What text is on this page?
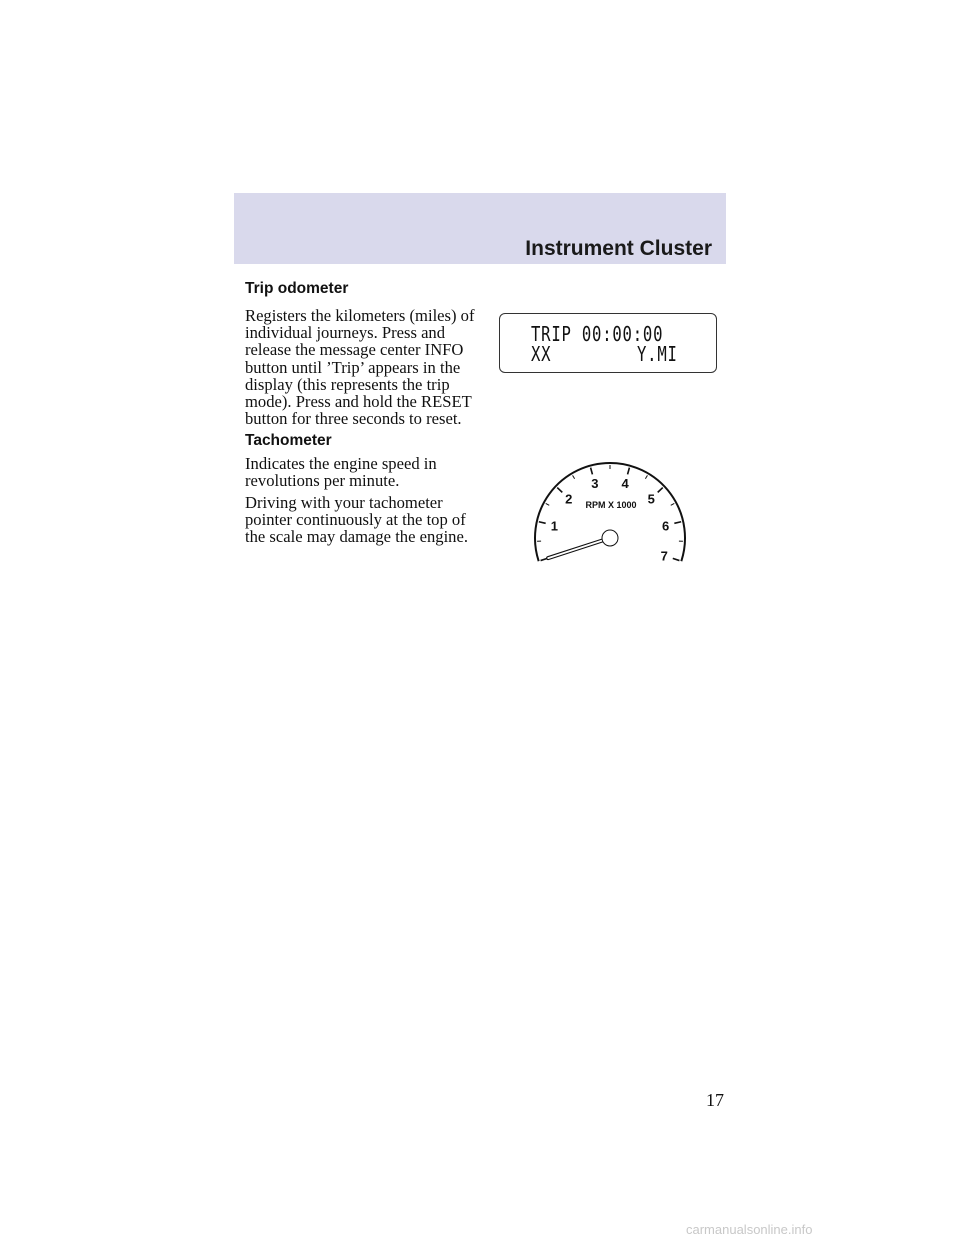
Instrument Cluster
Trip odometer

Registers the kilometers (miles) of

individual journeys. Press and

release the message center INFO

button until ’Trip’ appears in the

display (this represents the trip

mode). Press and hold the RESET

button for three seconds to reset.

TRIP 00:00:00
XX	Y.MI
Tachometer

Indicates the engine speed in

revolutions per minute.

Driving with your tachometer

pointer continuously at the top of

the scale may damage the engine.

1
2
3 4
5
6
7
RPM X 1000
17
carmanualsonline.info
